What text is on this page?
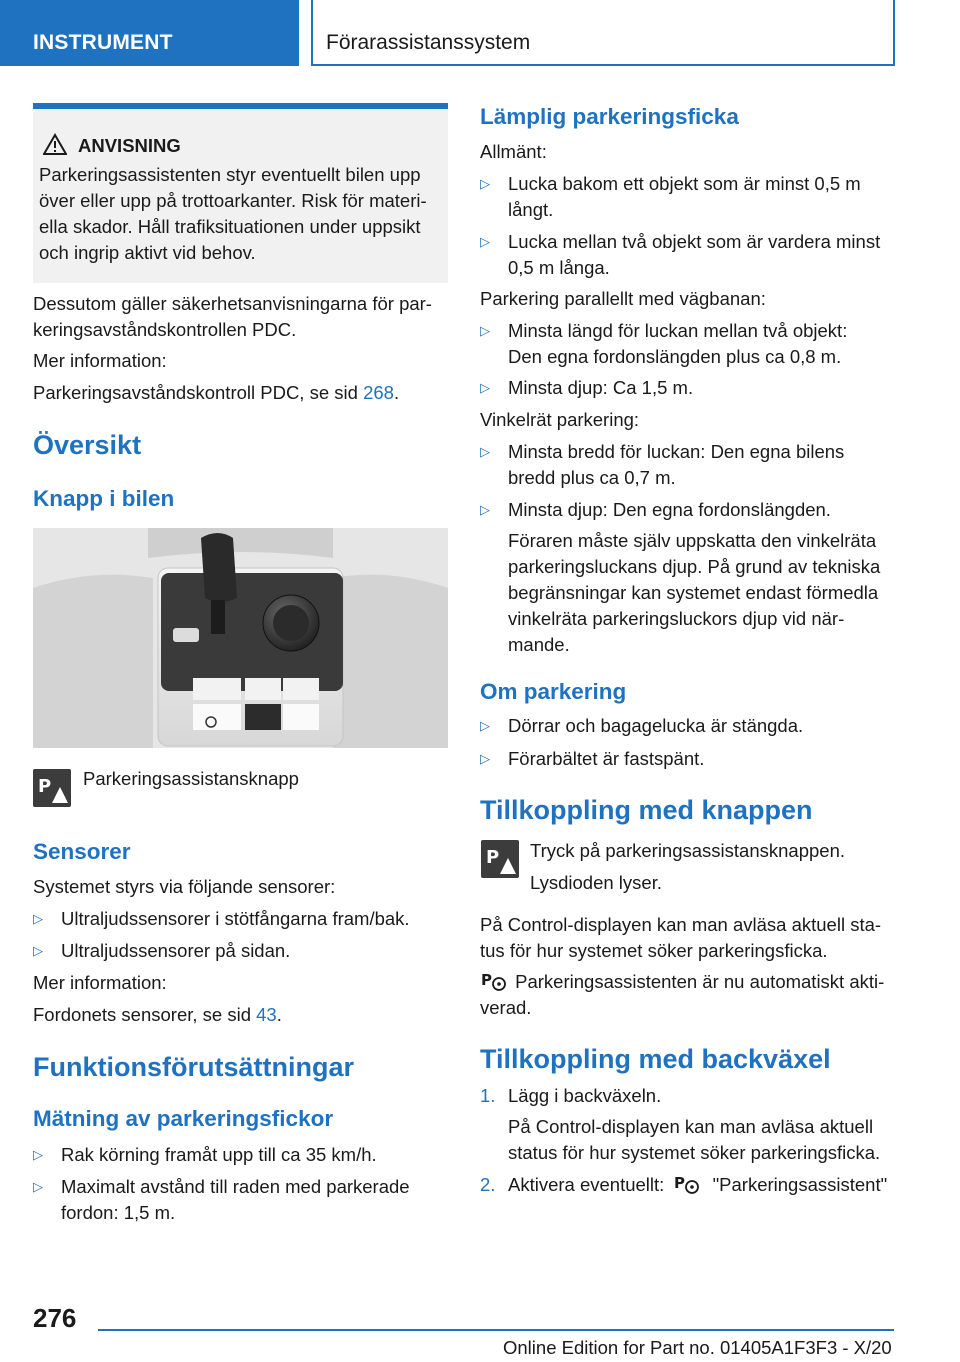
INSTRUMENT	Förarassistanssystem
ANVISNING
Parkeringsassistenten styr eventuellt bilen upp över eller upp på trottoarkanter. Risk för materi-ella skador. Håll trafiksituationen under uppsikt och ingrip aktivt vid behov.
Dessutom gäller säkerhetsanvisningarna för par-keringsavståndskontrollen PDC.
Mer information:
Parkeringsavståndskontroll PDC, se sid 268.
Översikt
Knapp i bilen
P Parkeringsassistansknapp
Sensorer
Systemet styrs via följande sensorer:
▷ Ultraljudssensorer i stötfångarna fram/bak.
▷ Ultraljudssensorer på sidan.
Mer information:
Fordonets sensorer, se sid 43.
Funktionsförutsättningar
Mätning av parkeringsfickor
▷ Rak körning framåt upp till ca 35 km/h.
▷ Maximalt avstånd till raden med parkerade fordon: 1,5 m.
Lämplig parkeringsficka
Allmänt:
▷ Lucka bakom ett objekt som är minst 0,5 m långt.
▷ Lucka mellan två objekt som är vardera minst 0,5 m långa.
Parkering parallellt med vägbanan:
▷ Minsta längd för luckan mellan två objekt: Den egna fordonslängden plus ca 0,8 m.
▷ Minsta djup: Ca 1,5 m.
Vinkelrät parkering:
▷ Minsta bredd för luckan: Den egna bilens bredd plus ca 0,7 m.
▷ Minsta djup: Den egna fordonslängden.
Föraren måste själv uppskatta den vinkelräta parkeringsluckans djup. På grund av tekniska begränsningar kan systemet endast förmedla vinkelräta parkeringsluckors djup vid när-mande.
Om parkering
▷ Dörrar och bagagelucka är stängda.
▷ Förarbältet är fastspänt.
Tillkoppling med knappen
P Tryck på parkeringsassistansknappen.
Lysdioden lyser.
På Control-displayen kan man avläsa aktuell sta-tus för hur systemet söker parkeringsficka.
P Parkeringsassistenten är nu automatiskt akti-
verad.
Tillkoppling med backväxel
1. Lägg i backväxeln.
På Control-displayen kan man avläsa aktuell status för hur systemet söker parkeringsficka.
2. Aktivera eventuellt: P "Parkeringsassistent"
276
Online Edition for Part no. 01405A1F3F3 - X/20
